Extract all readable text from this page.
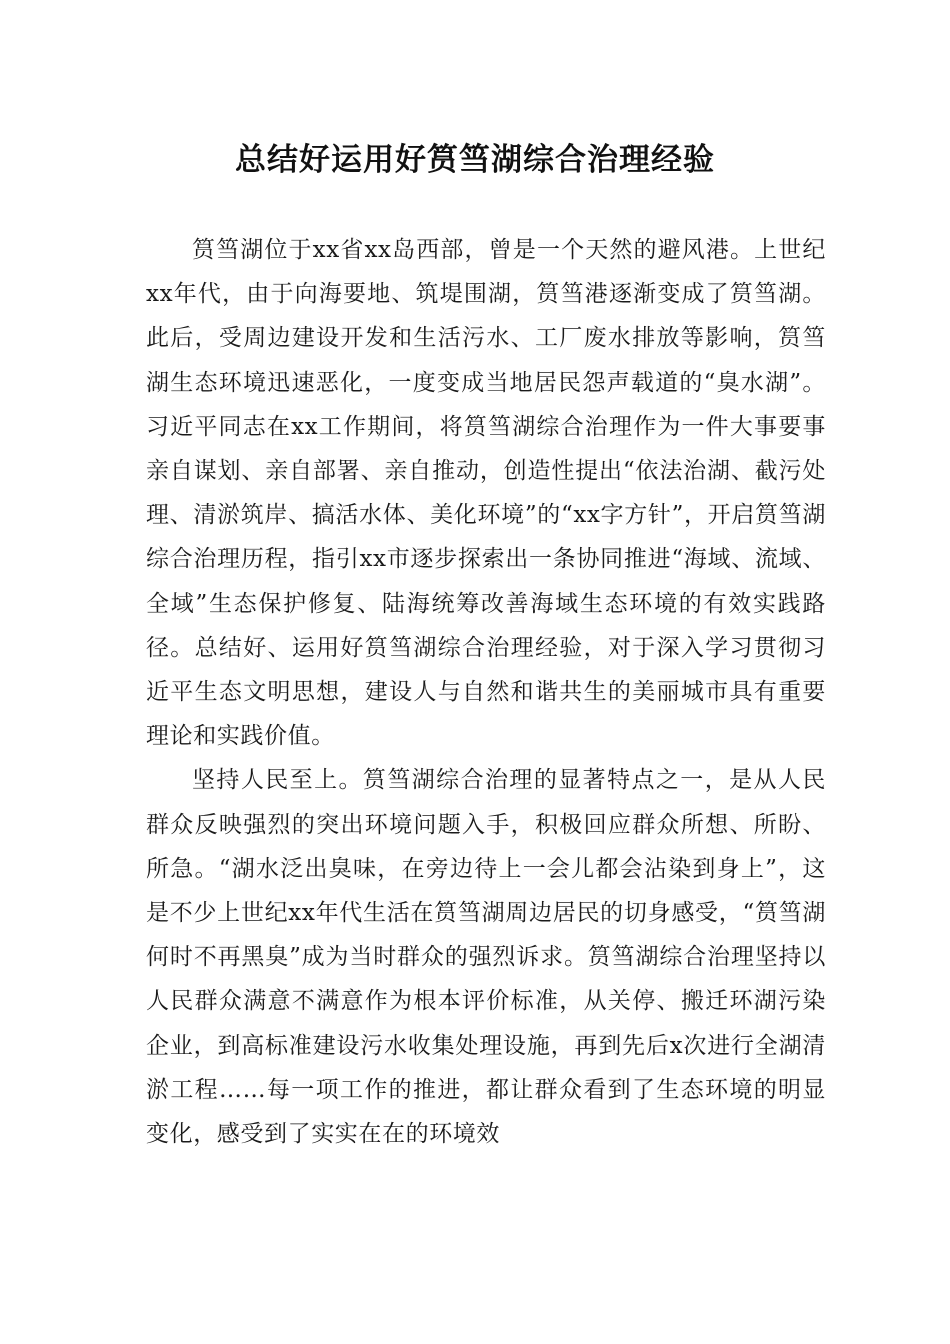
总结好运用好筼筜湖综合治理经验

筼筜湖位于xx省xx岛西部，曾是一个天然的避风港。上世纪xx年代，由于向海要地、筑堤围湖，筼筜港逐渐变成了筼筜湖。此后，受周边建设开发和生活污水、工厂废水排放等影响，筼筜湖生态环境迅速恶化，一度变成当地居民怨声载道的“臭水湖”。习近平同志在xx工作期间，将筼筜湖综合治理作为一件大事要事亲自谋划、亲自部署、亲自推动，创造性提出“依法治湖、截污处理、清淤筑岸、搞活水体、美化环境”的“xx字方针”，开启筼筜湖综合治理历程，指引xx市逐步探索出一条协同推进“海域、流域、全域”生态保护修复、陆海统筹改善海域生态环境的有效实践路径。总结好、运用好筼筜湖综合治理经验，对于深入学习贯彻习近平生态文明思想，建设人与自然和谐共生的美丽城市具有重要理论和实践价值。

坚持人民至上。筼筜湖综合治理的显著特点之一，是从人民群众反映强烈的突出环境问题入手，积极回应群众所想、所盼、所急。“湖水泛出臭味，在旁边待上一会儿都会沾染到身上”，这是不少上世纪xx年代生活在筼筜湖周边居民的切身感受，“筼筜湖何时不再黑臭”成为当时群众的强烈诉求。筼筜湖综合治理坚持以人民群众满意不满意作为根本评价标准，从关停、搬迁环湖污染企业，到高标准建设污水收集处理设施，再到先后x次进行全湖清淤工程……每一项工作的推进，都让群众看到了生态环境的明显变化，感受到了实实在在的环境效
